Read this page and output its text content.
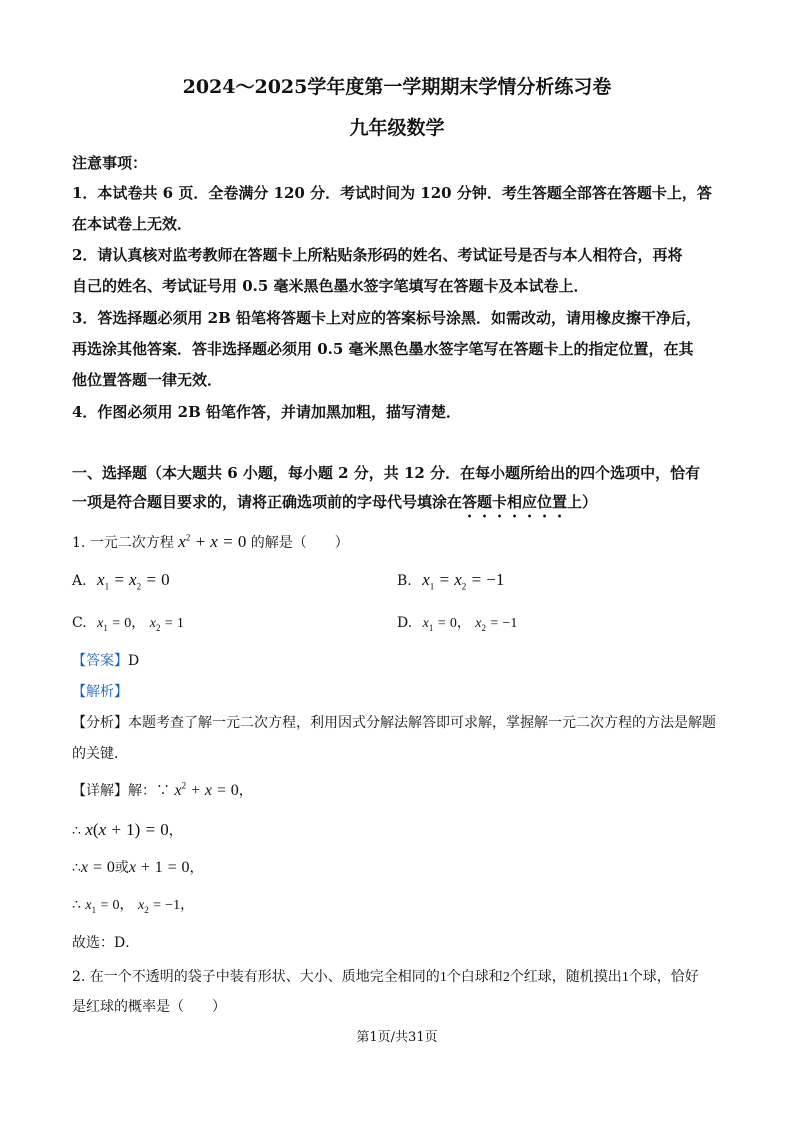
2024～2025学年度第一学期期末学情分析练习卷
九年级数学
注意事项：
1．本试卷共 6 页．全卷满分 120 分．考试时间为 120 分钟．考生答题全部答在答题卡上，答
在本试卷上无效．
2．请认真核对监考教师在答题卡上所粘贴条形码的姓名、考试证号是否与本人相符合，再将
自己的姓名、考试证号用 0.5 毫米黑色墨水签字笔填写在答题卡及本试卷上．
3．答选择题必须用 2B 铅笔将答题卡上对应的答案标号涂黑．如需改动，请用橡皮擦干净后，
再选涂其他答案．答非选择题必须用 0.5 毫米黑色墨水签字笔写在答题卡上的指定位置，在其
他位置答题一律无效．
4．作图必须用 2B 铅笔作答，并请加黑加粗，描写清楚．
一、选择题（本大题共 6 小题，每小题 2 分，共 12 分．在每小题所给出的四个选项中，恰有
一项是符合题目要求的，请将正确选项前的字母代号填涂在答题卡相应位置上）
1. 一元二次方程 $x^2 + x = 0$ 的解是（　　）
A. $x_1 = x_2 = 0$	B. $x_1 = x_2 = -1$
C. $x_1 = 0$， $x_2 = 1$	D. $x_1 = 0$， $x_2 = -1$
【答案】D
【解析】
【分析】本题考查了解一元二次方程，利用因式分解法解答即可求解，掌握解一元二次方程的方法是解题
的关键．
【详解】解：∵ $x^2 + x = 0$，
∴ x(x + 1) = 0，
∴x = 0或x + 1 = 0，
∴ $x_1 = 0$， $x_2 = -1$，
故选：D．
2. 在一个不透明的袋子中装有形状、大小、质地完全相同的1个白球和2个红球，随机摸出1个球，恰好
是红球的概率是（　　）
第1页/共31页
